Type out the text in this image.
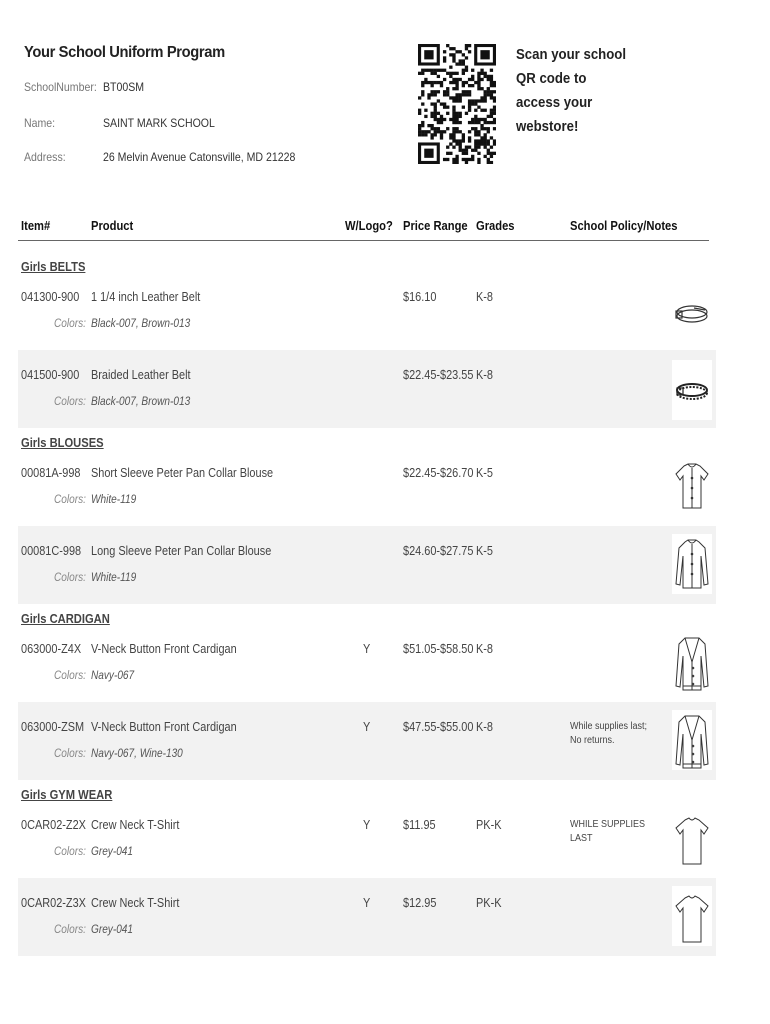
Your School Uniform Program
SchoolNumber: BT00SM
Name:	SAINT MARK SCHOOL
Address:	26 Melvin Avenue Catonsville, MD 21228
Scan your school QR code to access your webstore!
Item#	Product	W/Logo? Price Range Grades	School Policy/Notes
Girls BELTS
041300-900 1 1/4 inch Leather Belt	$16.10	K-8
Colors: Black-007, Brown-013
041500-900 Braided Leather Belt	$22.45-$23.55 K-8
Colors: Black-007, Brown-013
Girls BLOUSES
00081A-998 Short Sleeve Peter Pan Collar Blouse	$22.45-$26.70 K-5
Colors: White-119
00081C-998 Long Sleeve Peter Pan Collar Blouse	$24.60-$27.75 K-5
Colors: White-119
Girls CARDIGAN
063000-Z4X V-Neck Button Front Cardigan	Y	$51.05-$58.50 K-8
Colors: Navy-067
063000-ZSM V-Neck Button Front Cardigan	Y	$47.55-$55.00 K-8
Colors: Navy-067, Wine-130
While supplies last; No returns.
Girls GYM WEAR
0CAR02-Z2X Crew Neck T-Shirt	Y	$11.95	PK-K
Colors: Grey-041
WHILE SUPPLIES LAST
0CAR02-Z3X Crew Neck T-Shirt	Y	$12.95	PK-K
Colors: Grey-041
